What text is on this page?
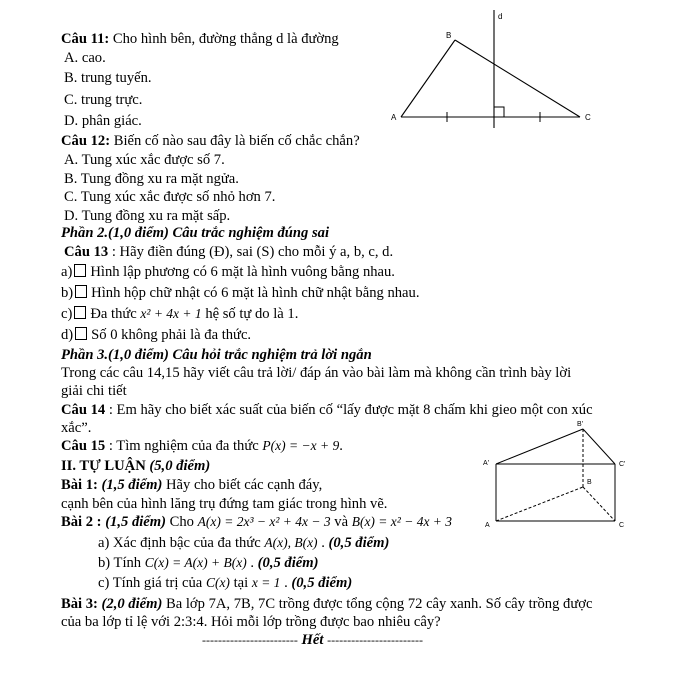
Câu 11: Cho hình bên, đường thẳng d là đường
A. cao.
B. trung tuyến.
C. trung trực.
D. phân giác.
d
B
A	C
Câu 12: Biến cố nào sau đây là biến cố chắc chắn?
A. Tung xúc xắc được số 7.
B. Tung đồng xu ra mặt ngửa.
C. Tung xúc xắc được số nhỏ hơn 7.
D. Tung đồng xu ra mặt sấp.
Phần 2.(1,0 điểm) Câu trắc nghiệm đúng sai
Câu 13 : Hãy điền đúng (Đ), sai (S) cho mỗi ý a, b, c, d.
a) Hình lập phương có 6 mặt là hình vuông bằng nhau.
b) Hình hộp chữ nhật có 6 mặt là hình chữ nhật bằng nhau.
c) Đa thức x² + 4x + 1 hệ số tự do là 1.
d) Số 0 không phải là đa thức.
Phần 3.(1,0 điểm) Câu hỏi trắc nghiệm trả lời ngắn
Trong các câu 14,15 hãy viết câu trả lời/ đáp án vào bài làm mà không cần trình bày lời
giải chi tiết
Câu 14 : Em hãy cho biết xác suất của biến cố “lấy được mặt 8 chấm khi gieo một con xúc
xắc”.
Câu 15 : Tìm nghiệm của đa thức P(x) = −x + 9.
II. TỰ LUẬN (5,0 điểm)
Bài 1: (1,5 điểm) Hãy cho biết các cạnh đáy,
cạnh bên của hình lăng trụ đứng tam giác trong hình vẽ.
B'
A'	C'
B
A	C
Bài 2 : (1,5 điểm) Cho A(x) = 2x³ − x² + 4x − 3 và B(x) = x² − 4x + 3
a) Xác định bậc của đa thức A(x), B(x) . (0,5 điểm)
b) Tính C(x) = A(x) + B(x) . (0,5 điểm)
c) Tính giá trị của C(x) tại x = 1 . (0,5 điểm)
Bài 3: (2,0 điểm) Ba lớp 7A, 7B, 7C trồng được tổng cộng 72 cây xanh. Số cây trồng được
của ba lớp tỉ lệ với 2:3:4. Hỏi mỗi lớp trồng được bao nhiêu cây?
------------------------ Hết ------------------------
